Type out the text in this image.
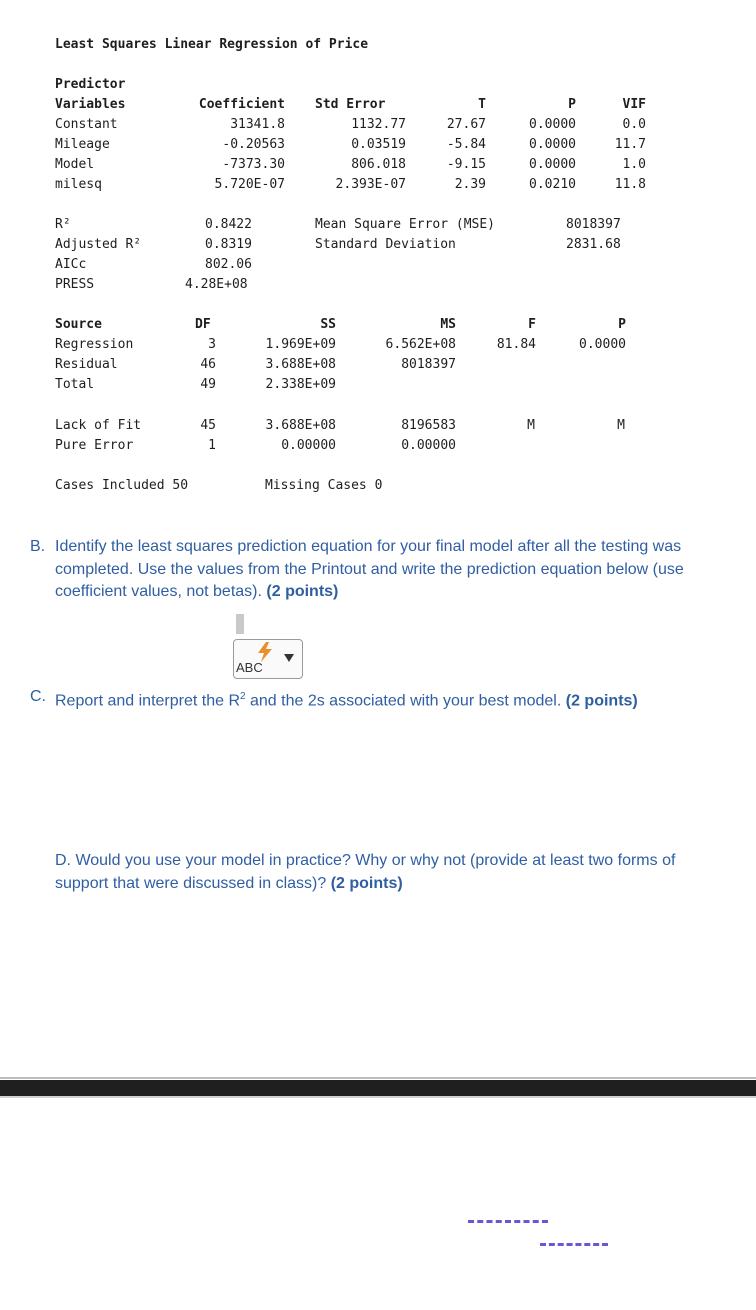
Least Squares Linear Regression of Price
Predictor
Variables	Coefficient Std Error	T	P	VIF
Constant	31341.8	1132.77	27.67	0.0000	0.0
Mileage	-0.20563	0.03519	-5.84	0.0000	11.7
Model	-7373.30	806.018	-9.15	0.0000	1.0
milesq	5.720E-07	2.393E-07	2.39	0.0210	11.8
R²	0.8422
Adjusted R²	0.8319
AICc	802.06
PRESS	4.28E+08
Mean Square Error (MSE)	8018397
Standard Deviation	2831.68
Source	DF	SS	MS	F	P
Regression	3	1.969E+09	6.562E+08	81.84	0.0000
Residual	46	3.688E+08	8018397
Total	49	2.338E+09
Lack of Fit	45	3.688E+08	8196583	M	M
Pure Error	1	0.00000	0.00000
Cases Included 50	Missing Cases 0
B. Identify the least squares prediction equation for your final model after all the testing was completed. Use the values from the Printout and write the prediction equation below (use coefficient values, not betas). (2 points)
ABC
C. Report and interpret the $R^2$ and the 2s associated with your best model. (2 points)
D. Would you use your model in practice? Why or why not (provide at least two forms of support that were discussed in class)? (2 points)
